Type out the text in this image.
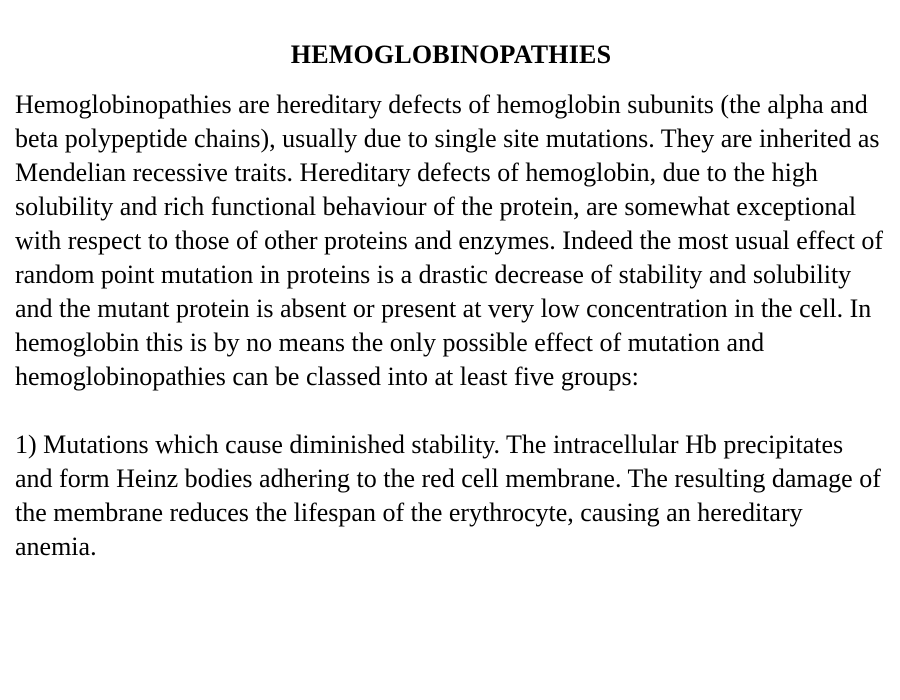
HEMOGLOBINOPATHIES

Hemoglobinopathies are hereditary defects of hemoglobin subunits (the alpha and beta polypeptide chains), usually due to single site mutations. They are inherited as Mendelian recessive traits. Hereditary defects of hemoglobin, due to the high solubility and rich functional behaviour of the protein, are somewhat exceptional with respect to those of other proteins and enzymes. Indeed the most usual effect of random point mutation in proteins is a drastic decrease of stability and solubility and the mutant protein is absent or present at very low concentration in the cell. In hemoglobin this is by no means the only possible effect of mutation and hemoglobinopathies can be classed into at least five groups:

1) Mutations which cause diminished stability. The intracellular Hb precipitates and form Heinz bodies adhering to the red cell membrane. The resulting damage of the membrane reduces the lifespan of the erythrocyte, causing an hereditary anemia.
